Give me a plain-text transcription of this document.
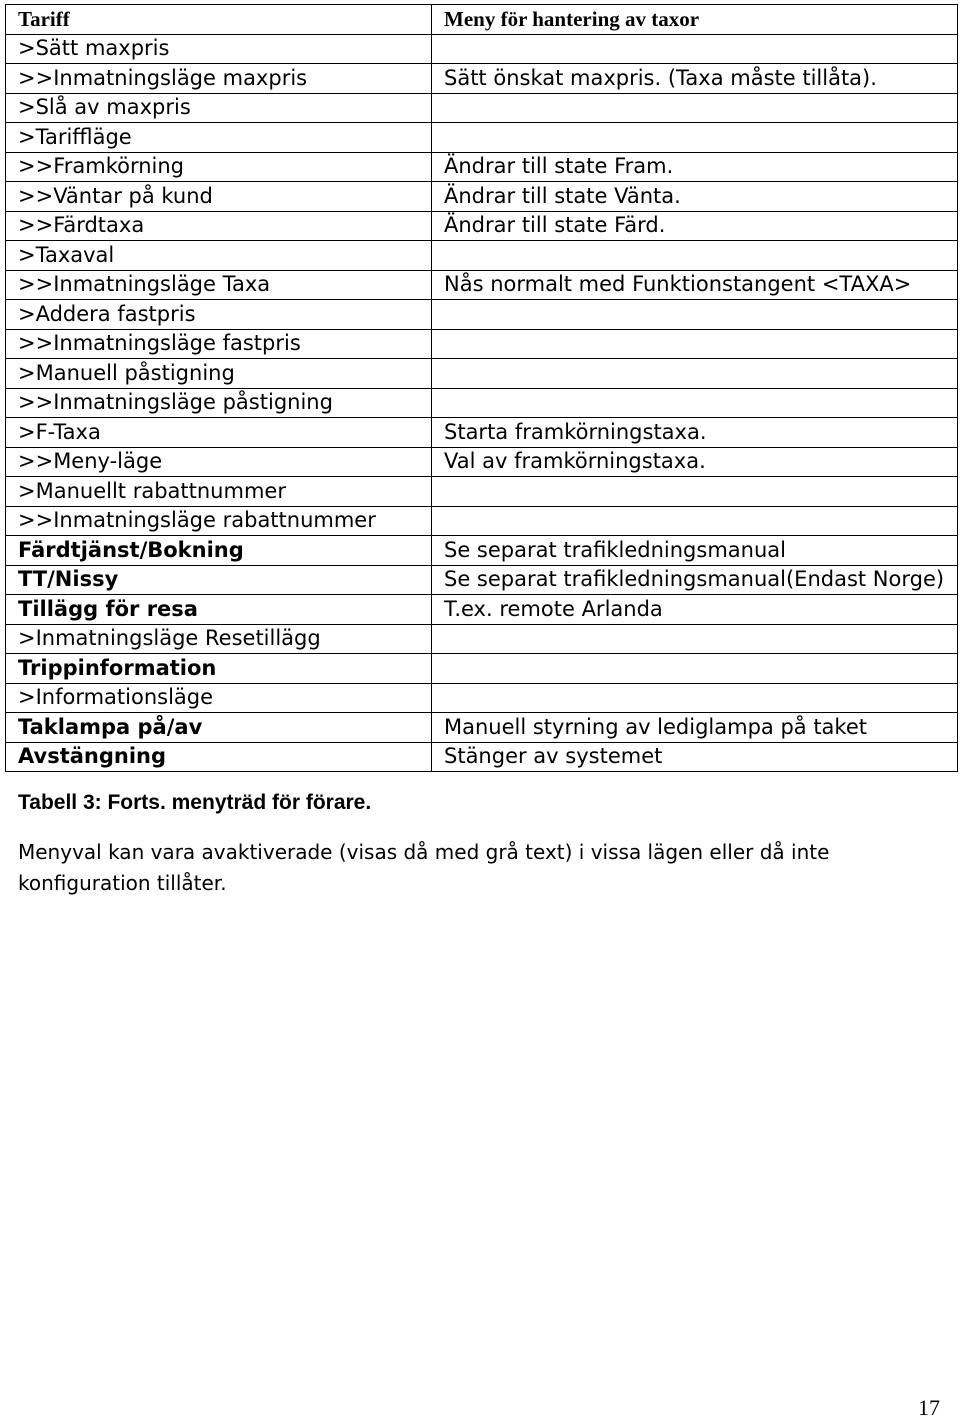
Tariff	Meny för hantering av taxor
>Sätt maxpris	
>>Inmatningsläge maxpris	Sätt önskat maxpris. (Taxa måste tillåta).
>Slå av maxpris	
>Tariffläge	
>>Framkörning	Ändrar till state Fram.
>>Väntar på kund	Ändrar till state Vänta.
>>Färdtaxa	Ändrar till state Färd.
>Taxaval	
>>Inmatningsläge Taxa	Nås normalt med Funktionstangent <TAXA>
>Addera fastpris	
>>Inmatningsläge fastpris	
>Manuell påstigning	
>>Inmatningsläge påstigning	
>F-Taxa	Starta framkörningstaxa.
>>Meny-läge	Val av framkörningstaxa.
>Manuellt rabattnummer	
>>Inmatningsläge rabattnummer	
Färdtjänst/Bokning	Se separat trafikledningsmanual
TT/Nissy	Se separat trafikledningsmanual(Endast Norge)
Tillägg för resa	T.ex. remote Arlanda
>Inmatningsläge Resetillägg	
Trippinformation	
>Informationsläge	
Taklampa på/av	Manuell styrning av lediglampa på taket
Avstängning	Stänger av systemet

Tabell 3: Forts. menyträd för förare.

Menyval kan vara avaktiverade (visas då med grå text) i vissa lägen eller då inte konfiguration tillåter.

17
